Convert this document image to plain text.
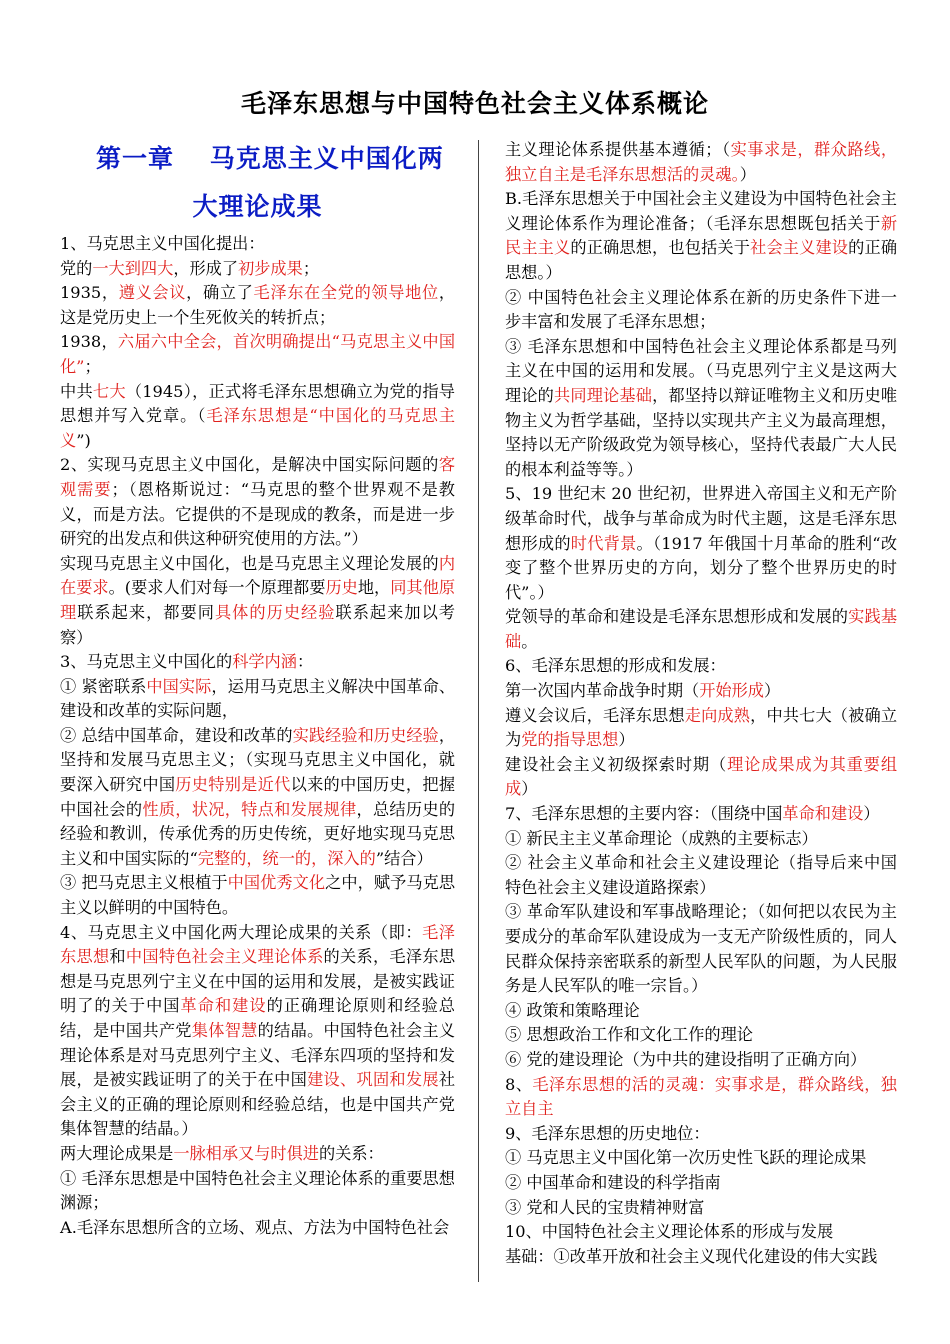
毛泽东思想与中国特色社会主义体系概论
第一章　 马克思主义中国化两
大理论成果

1、马克思主义中国化提出：

党的一大到四大，形成了初步成果；

1935，遵义会议，确立了毛泽东在全党的领导地位，这是党历史上一个生死攸关的转折点；

1938，六届六中全会，首次明确提出“马克思主义中国化”；

中共七大（1945），正式将毛泽东思想确立为党的指导思想并写入党章。（毛泽东思想是“中国化的马克思主义”)

2、实现马克思主义中国化，是解决中国实际问题的客观需要；（恩格斯说过：“马克思的整个世界观不是教义，而是方法。它提供的不是现成的教条，而是进一步研究的出发点和供这种研究使用的方法。”）

实现马克思主义中国化，也是马克思主义理论发展的内在要求。(要求人们对每一个原理都要历史地，同其他原理联系起来，都要同具体的历史经验联系起来加以考察）

3、马克思主义中国化的科学内涵：

① 紧密联系中国实际，运用马克思主义解决中国革命、建设和改革的实际问题，

② 总结中国革命，建设和改革的实践经验和历史经验，坚持和发展马克思主义；（实现马克思主义中国化，就要深入研究中国历史特别是近代以来的中国历史，把握中国社会的性质，状况，特点和发展规律，总结历史的经验和教训，传承优秀的历史传统，更好地实现马克思主义和中国实际的“完整的，统一的，深入的”结合）

③ 把马克思主义根植于中国优秀文化之中，赋予马克思主义以鲜明的中国特色。

4、马克思主义中国化两大理论成果的关系（即：毛泽东思想和中国特色社会主义理论体系的关系，毛泽东思想是马克思列宁主义在中国的运用和发展，是被实践证明了的关于中国革命和建设的正确理论原则和经验总结，是中国共产党集体智慧的结晶。中国特色社会主义理论体系是对马克思列宁主义、毛泽东四项的坚持和发展，是被实践证明了的关于在中国建设、巩固和发展社会主义的正确的理论原则和经验总结，也是中国共产党集体智慧的结晶。）

两大理论成果是一脉相承又与时俱进的关系：

① 毛泽东思想是中国特色社会主义理论体系的重要思想渊源；

A.毛泽东思想所含的立场、观点、方法为中国特色社会

主义理论体系提供基本遵循；（实事求是，群众路线，独立自主是毛泽东思想活的灵魂。）

B.毛泽东思想关于中国社会主义建设为中国特色社会主义理论体系作为理论准备；（毛泽东思想既包括关于新民主主义的正确思想，也包括关于社会主义建设的正确思想。）

② 中国特色社会主义理论体系在新的历史条件下进一步丰富和发展了毛泽东思想；

③ 毛泽东思想和中国特色社会主义理论体系都是马列主义在中国的运用和发展。（马克思列宁主义是这两大理论的共同理论基础，都坚持以辩证唯物主义和历史唯物主义为哲学基础，坚持以实现共产主义为最高理想，坚持以无产阶级政党为领导核心，坚持代表最广大人民的根本利益等等。）

5、19 世纪末 20 世纪初，世界进入帝国主义和无产阶级革命时代，战争与革命成为时代主题，这是毛泽东思想形成的时代背景。（1917 年俄国十月革命的胜利“改变了整个世界历史的方向，划分了整个世界历史的时代”。）

党领导的革命和建设是毛泽东思想形成和发展的实践基础。

6、毛泽东思想的形成和发展：

第一次国内革命战争时期（开始形成）

遵义会议后，毛泽东思想走向成熟，中共七大（被确立为党的指导思想）

建设社会主义初级探索时期（理论成果成为其重要组成）

7、毛泽东思想的主要内容：（围绕中国革命和建设）

① 新民主主义革命理论（成熟的主要标志）

② 社会主义革命和社会主义建设理论（指导后来中国特色社会主义建设道路探索）

③ 革命军队建设和军事战略理论；（如何把以农民为主要成分的革命军队建设成为一支无产阶级性质的，同人民群众保持亲密联系的新型人民军队的问题，为人民服务是人民军队的唯一宗旨。）

④ 政策和策略理论

⑤ 思想政治工作和文化工作的理论

⑥ 党的建设理论（为中共的建设指明了正确方向）

8、毛泽东思想的活的灵魂：实事求是，群众路线，独立自主

9、毛泽东思想的历史地位：

① 马克思主义中国化第一次历史性飞跃的理论成果

② 中国革命和建设的科学指南

③ 党和人民的宝贵精神财富

10、中国特色社会主义理论体系的形成与发展

基础：①改革开放和社会主义现代化建设的伟大实践
